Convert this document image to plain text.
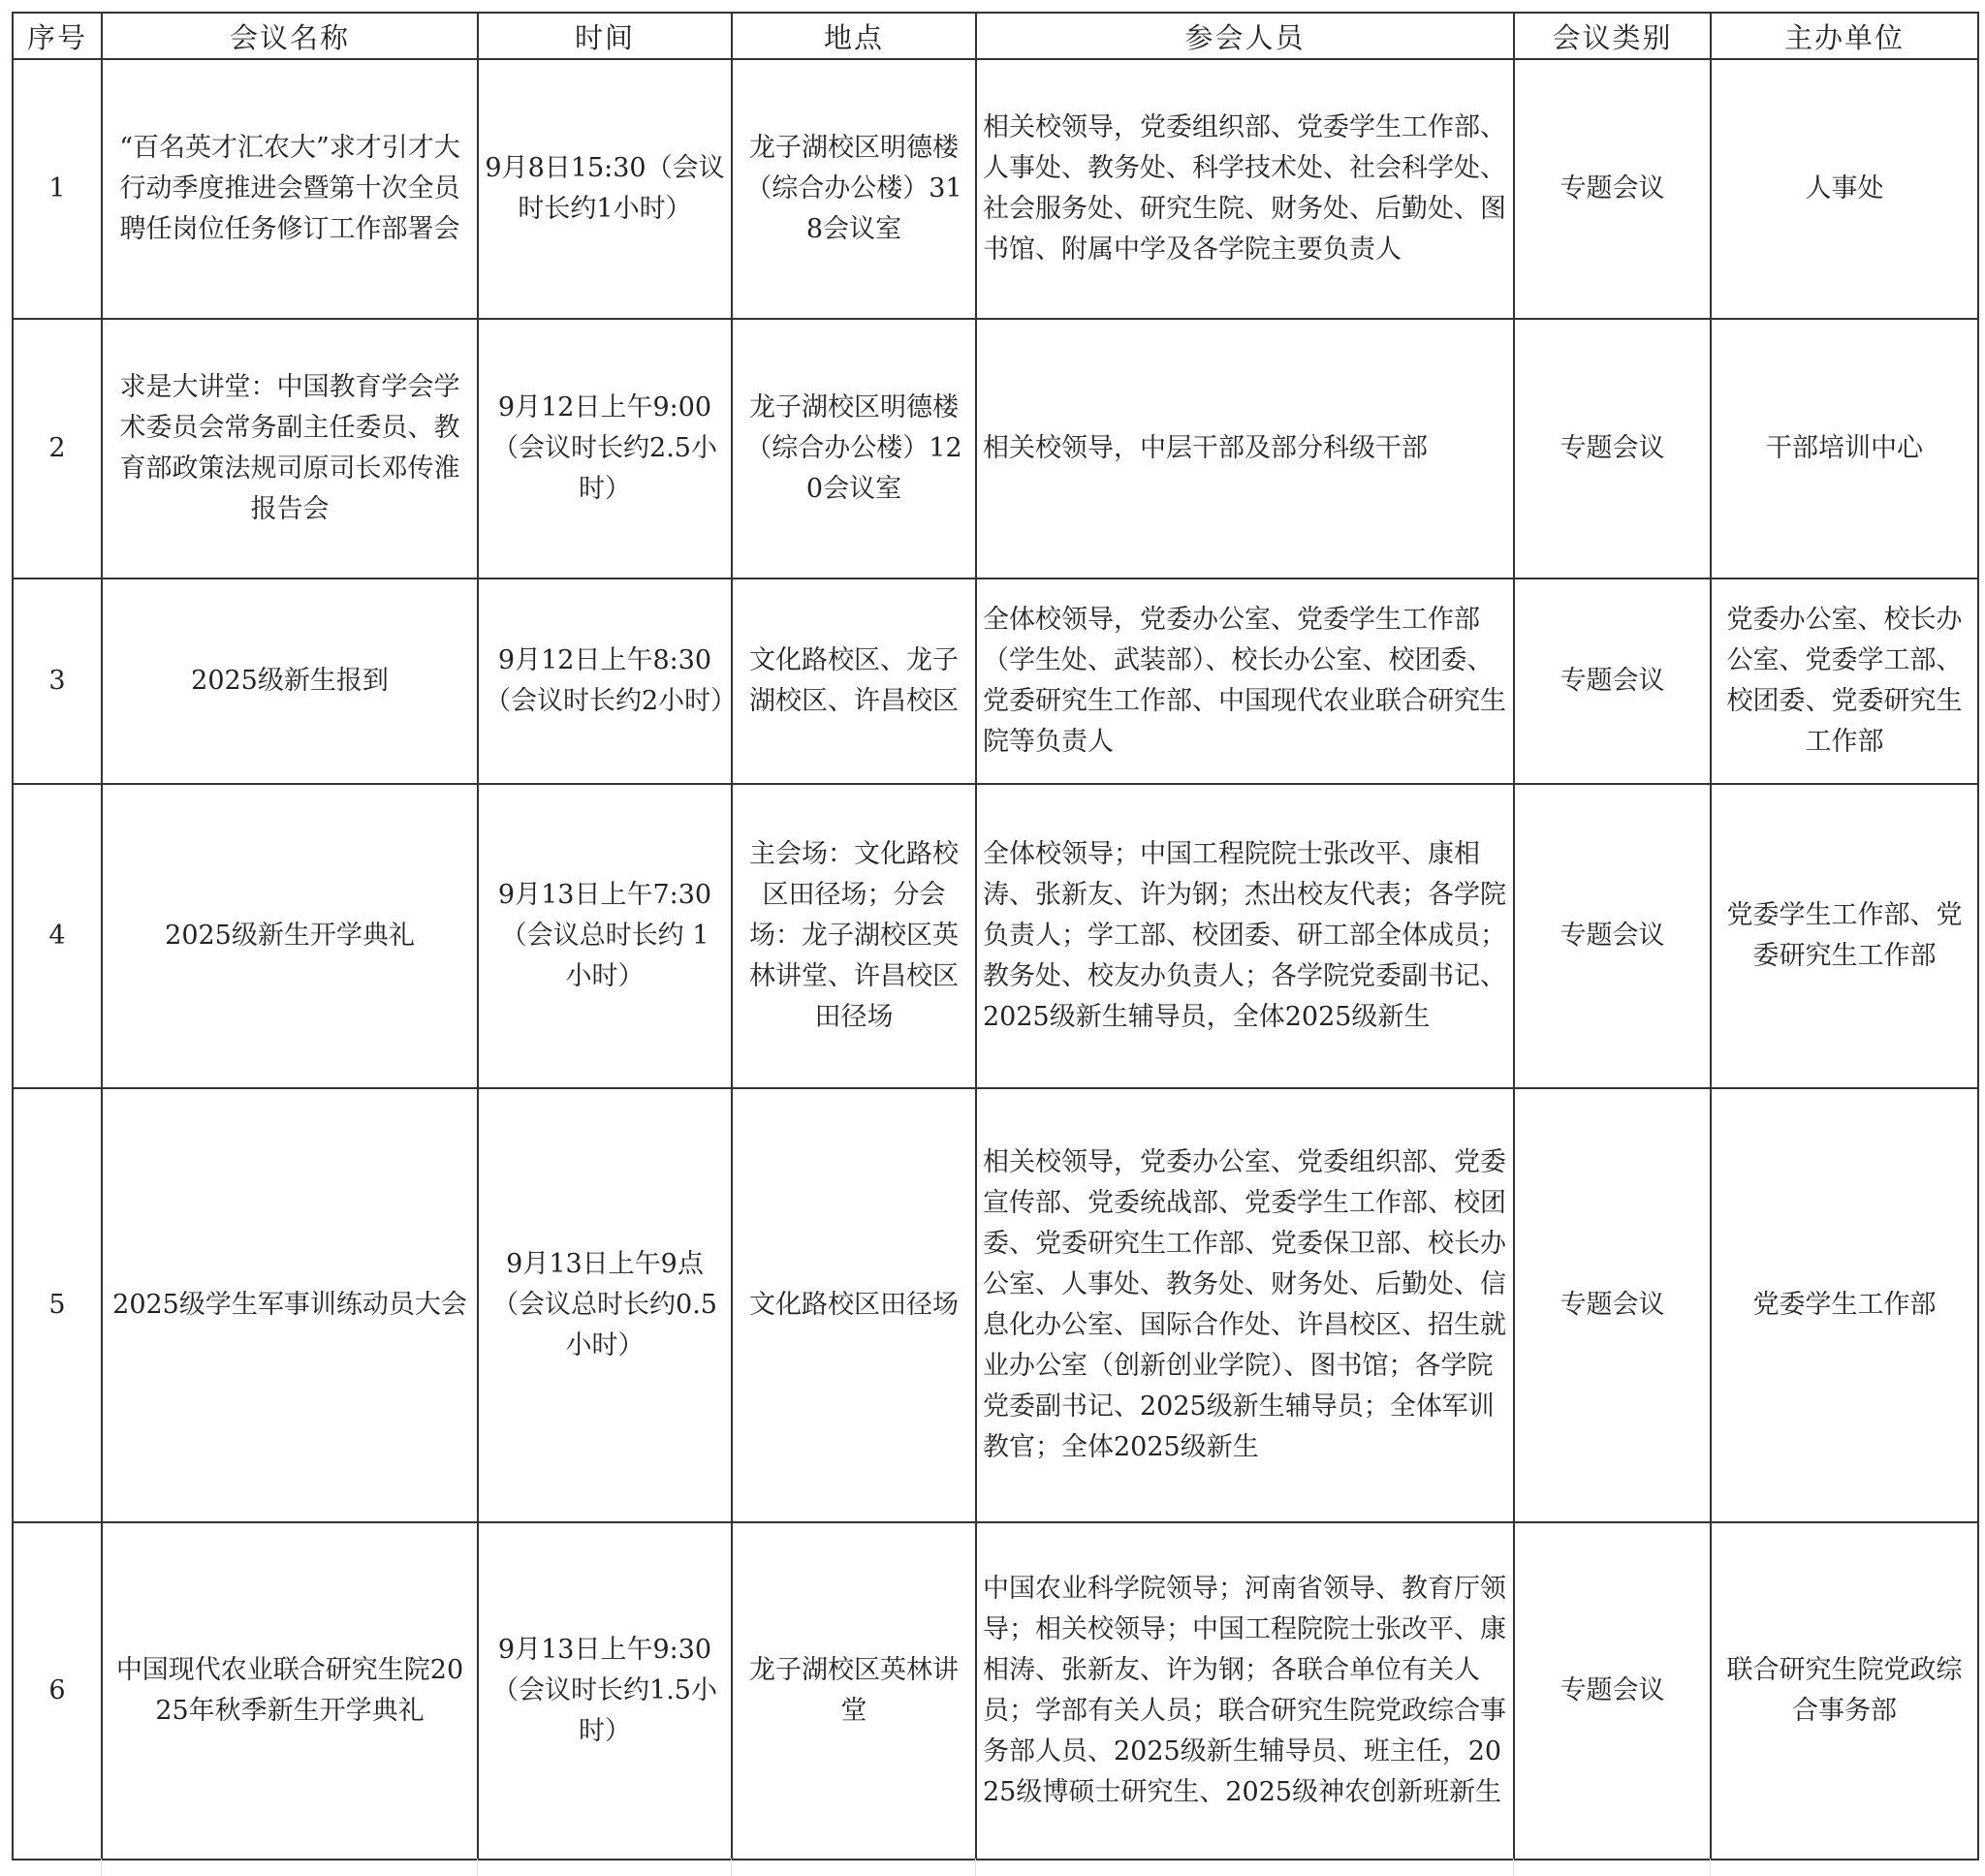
序号	会议名称	时间	地点	参会人员	会议类别	主办单位
1	“百名英才汇农大”求才引才大行动季度推进会暨第十次全员聘任岗位任务修订工作部署会	9月8日15:30（会议时长约1小时）	龙子湖校区明德楼（综合办公楼）318会议室	相关校领导，党委组织部、党委学生工作部、人事处、教务处、科学技术处、社会科学处、社会服务处、研究生院、财务处、后勤处、图书馆、附属中学及各学院主要负责人	专题会议	人事处
2	求是大讲堂：中国教育学会学术委员会常务副主任委员、教育部政策法规司原司长邓传淮报告会	9月12日上午9:00（会议时长约2.5小时）	龙子湖校区明德楼（综合办公楼）120会议室	相关校领导，中层干部及部分科级干部	专题会议	干部培训中心
3	2025级新生报到	9月12日上午8:30（会议时长约2小时）	文化路校区、龙子湖校区、许昌校区	全体校领导，党委办公室、党委学生工作部（学生处、武装部）、校长办公室、校团委、党委研究生工作部、中国现代农业联合研究生院等负责人	专题会议	党委办公室、校长办公室、党委学工部、校团委、党委研究生工作部
4	2025级新生开学典礼	9月13日上午7:30（会议总时长约 1 小时）	主会场：文化路校区田径场；分会场：龙子湖校区英林讲堂、许昌校区田径场	全体校领导；中国工程院院士张改平、康相涛、张新友、许为钢；杰出校友代表；各学院负责人；学工部、校团委、研工部全体成员；教务处、校友办负责人；各学院党委副书记、2025级新生辅导员，全体2025级新生	专题会议	党委学生工作部、党委研究生工作部
5	2025级学生军事训练动员大会	9月13日上午9点（会议总时长约0.5 小时）	文化路校区田径场	相关校领导，党委办公室、党委组织部、党委宣传部、党委统战部、党委学生工作部、校团委、党委研究生工作部、党委保卫部、校长办公室、人事处、教务处、财务处、后勤处、信息化办公室、国际合作处、许昌校区、招生就业办公室（创新创业学院）、图书馆；各学院党委副书记、2025级新生辅导员；全体军训教官；全体2025级新生	专题会议	党委学生工作部
6	中国现代农业联合研究生院2025年秋季新生开学典礼	9月13日上午9:30（会议时长约1.5小时）	龙子湖校区英林讲堂	中国农业科学院领导；河南省领导、教育厅领导；相关校领导；中国工程院院士张改平、康相涛、张新友、许为钢；各联合单位有关人员；学部有关人员；联合研究生院党政综合事务部人员、2025级新生辅导员、班主任，2025级博硕士研究生、2025级神农创新班新生	专题会议	联合研究生院党政综合事务部
